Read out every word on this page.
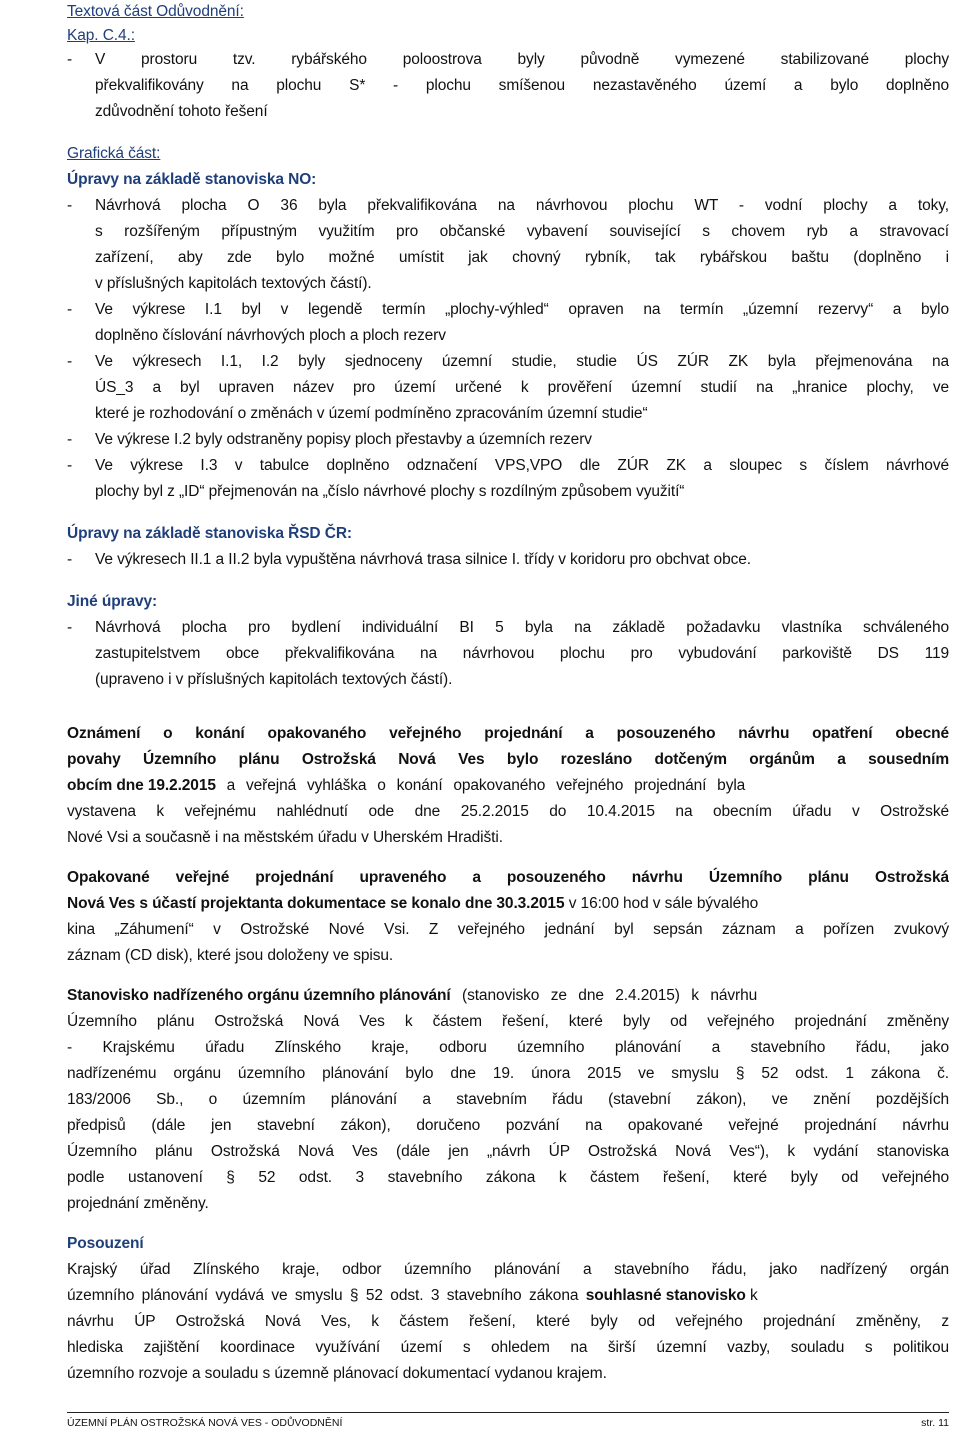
Textová část Odůvodnění:
Kap. C.4.:
- V prostoru tzv. rybářského poloostrova byly původně vymezené stabilizované plochy
překvalifikovány na plochu S* - plochu smíšenou nezastavěného území a bylo doplněno
zdůvodnění tohoto řešení
Grafická část:
Úpravy na základě stanoviska NO:
- Návrhová plocha O 36 byla překvalifikována na návrhovou plochu WT - vodní plochy a toky,
s rozšířeným přípustným využitím pro občanské vybavení související s chovem ryb a stravovací
zařízení, aby zde bylo možné umístit jak chovný rybník, tak rybářskou baštu (doplněno i
v příslušných kapitolách textových částí).
- Ve výkrese I.1 byl v legendě termín „plochy-výhled“ opraven na termín „územní rezervy“ a bylo
doplněno číslování návrhových ploch a ploch rezerv
- Ve výkresech I.1, I.2 byly sjednoceny územní studie, studie ÚS ZÚR ZK byla přejmenována na
ÚS_3 a byl upraven název pro území určené k prověření územní studií na „hranice plochy, ve
které je rozhodování o změnách v území podmíněno zpracováním územní studie“
- Ve výkrese I.2 byly odstraněny popisy ploch přestavby a územních rezerv
- Ve výkrese I.3 v tabulce doplněno odznačení VPS,VPO dle ZÚR ZK a sloupec s číslem návrhové
plochy byl z „ID“ přejmenován na „číslo návrhové plochy s rozdílným způsobem využití“
Úpravy na základě stanoviska ŘSD ČR:
- Ve výkresech II.1 a II.2 byla vypuštěna návrhová trasa silnice I. třídy v koridoru pro obchvat obce.
Jiné úpravy:
- Návrhová plocha pro bydlení individuální BI 5 byla na základě požadavku vlastníka schváleného
zastupitelstvem obce překvalifikována na návrhovou plochu pro vybudování parkoviště DS 119
(upraveno i v příslušných kapitolách textových částí).
Oznámení o konání opakovaného veřejného projednání a posouzeného návrhu opatření obecné
povahy Územního plánu Ostrožská Nová Ves bylo rozesláno dotčeným orgánům a sousedním
obcím dne 19.2.2015 a veřejná vyhláška o konání opakovaného veřejného projednání byla
vystavena k veřejnému nahlédnutí ode dne 25.2.2015 do 10.4.2015 na obecním úřadu v Ostrožské
Nové Vsi a současně i na městském úřadu v Uherském Hradišti.
Opakované veřejné projednání upraveného a posouzeného návrhu Územního plánu Ostrožská
Nová Ves s účastí projektanta dokumentace se konalo dne 30.3.2015 v 16:00 hod v sále bývalého
kina „Záhumení“ v Ostrožské Nové Vsi. Z veřejného jednání byl sepsán záznam a pořízen zvukový
záznam (CD disk), které jsou doloženy ve spisu.
Stanovisko nadřízeného orgánu územního plánování (stanovisko ze dne 2.4.2015) k návrhu
Územního plánu Ostrožská Nová Ves k částem řešení, které byly od veřejného projednání změněny
- Krajskému úřadu Zlínského kraje, odboru územního plánování a stavebního řádu, jako
nadřízenému orgánu územního plánování bylo dne 19. února 2015 ve smyslu § 52 odst. 1 zákona č.
183/2006 Sb., o územním plánování a stavebním řádu (stavební zákon), ve znění pozdějších
předpisů (dále jen stavební zákon), doručeno pozvání na opakované veřejné projednání návrhu
Územního plánu Ostrožská Nová Ves (dále jen „návrh ÚP Ostrožská Nová Ves“), k vydání stanoviska
podle ustanovení § 52 odst. 3 stavebního zákona k částem řešení, které byly od veřejného
projednání změněny.
Posouzení
Krajský úřad Zlínského kraje, odbor územního plánování a stavebního řádu, jako nadřízený orgán
územního plánování vydává ve smyslu § 52 odst. 3 stavebního zákona souhlasné stanovisko k
návrhu ÚP Ostrožská Nová Ves, k částem řešení, které byly od veřejného projednání změněny, z
hlediska zajištění koordinace využívání území s ohledem na širší územní vazby, souladu s politikou
územního rozvoje a souladu s územně plánovací dokumentací vydanou krajem.
ÚZEMNÍ PLÁN OSTROŽSKÁ NOVÁ VES - ODŮVODNĚNÍ	str. 11
